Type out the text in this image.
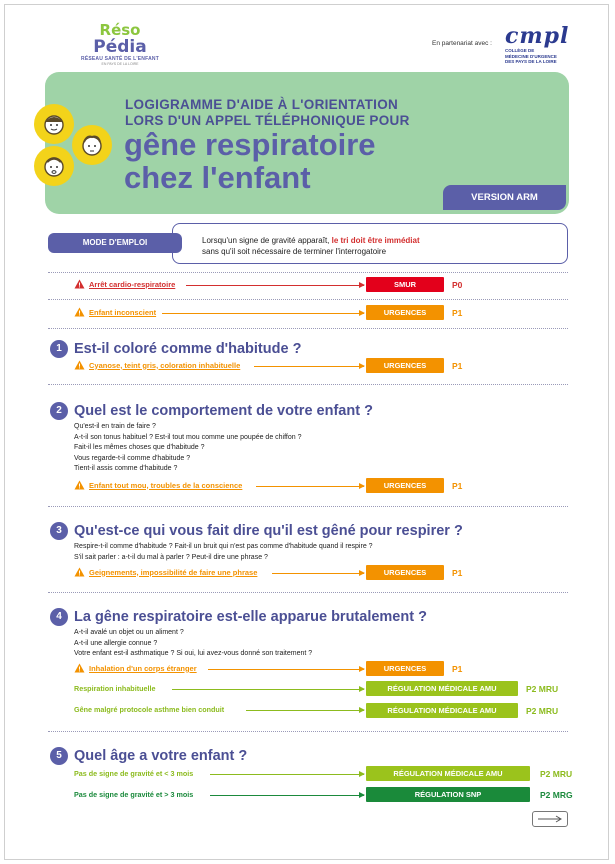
Réso
Pédia
RÉSEAU SANTÉ DE L'ENFANT
EN PAYS DE LA LOIRE
En partenariat avec : cmpl
COLLÈGE DE
MÉDECINE D'URGENCE
DES PAYS DE LA LOIRE
LOGIGRAMME D'AIDE À L'ORIENTATION
LORS D'UN APPEL TÉLÉPHONIQUE POUR
gêne respiratoire
chez l'enfant
VERSION ARM
MODE D'EMPLOI	Lorsqu'un signe de gravité apparaît, le tri doit être immédiat
sans qu'il soit nécessaire de terminer l'interrogatoire
Arrêt cardio-respiratoire	SMUR	P0
Enfant inconscient	URGENCES	P1
1 Est-il coloré comme d'habitude ?
Cyanose, teint gris, coloration inhabituelle	URGENCES	P1
2 Quel est le comportement de votre enfant ?
Qu'est-il en train de faire ?
A-t-il son tonus habituel ? Est-il tout mou comme une poupée de chiffon ?
Fait-il les mêmes choses que d'habitude ?
Vous regarde-t-il comme d'habitude ?
Tient-il assis comme d'habitude ?
Enfant tout mou, troubles de la conscience	URGENCES	P1
3 Qu'est-ce qui vous fait dire qu'il est gêné pour respirer ?
Respire-t-il comme d'habitude ? Fait-il un bruit qui n'est pas comme d'habitude quand il respire ?
S'il sait parler : a-t-il du mal à parler ? Peut-il dire une phrase ?
Geignements, impossibilité de faire une phrase	URGENCES	P1
4 La gêne respiratoire est-elle apparue brutalement ?
A-t-il avalé un objet ou un aliment ?
A-t-il une allergie connue ?
Votre enfant est-il asthmatique ? Si oui, lui avez-vous donné son traitement ?
Inhalation d'un corps étranger	URGENCES	P1
Respiration inhabituelle	RÉGULATION MÉDICALE AMU	P2 MRU
Gêne malgré protocole asthme bien conduit	RÉGULATION MÉDICALE AMU	P2 MRU
5 Quel âge a votre enfant ?
Pas de signe de gravité et < 3 mois	RÉGULATION MÉDICALE AMU	P2 MRU
Pas de signe de gravité et > 3 mois	RÉGULATION SNP	P2 MRG
